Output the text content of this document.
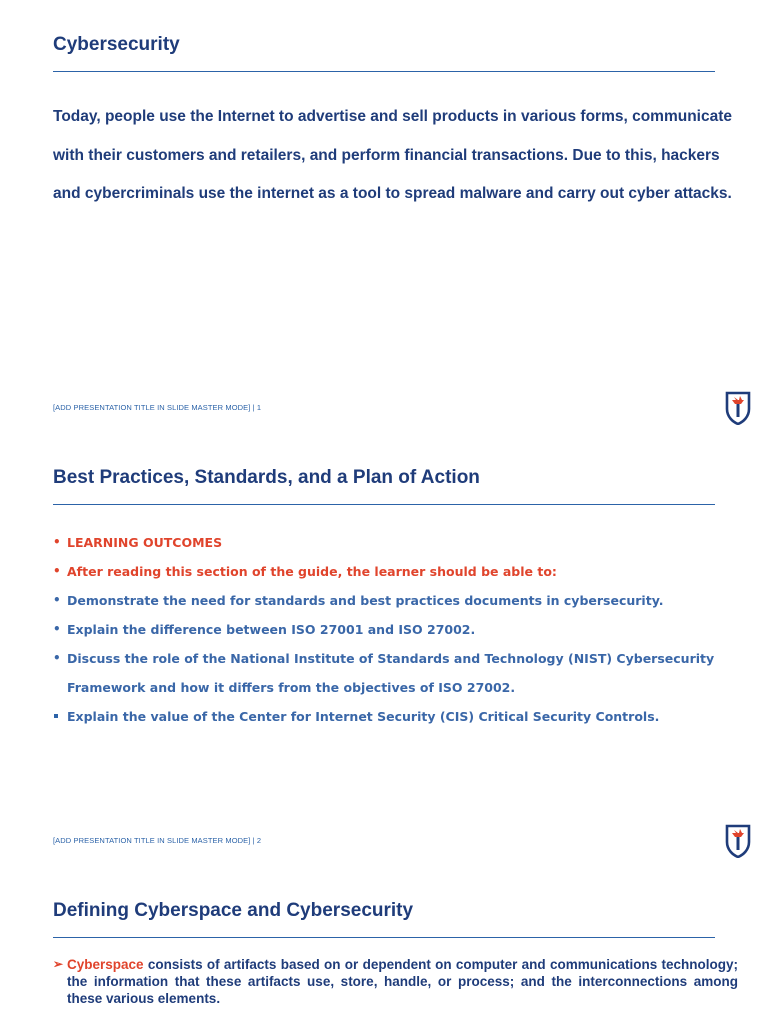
Cybersecurity

Today, people use the Internet to advertise and sell products in various forms, communicate with their customers and retailers, and perform financial transactions. Due to this, hackers and cybercriminals use the internet as a tool to spread malware and carry out cyber attacks.

[ADD PRESENTATION TITLE IN SLIDE MASTER MODE] | 1
Best Practices, Standards, and a Plan of Action
[ADD PRESENTATION TITLE IN SLIDE MASTER MODE] | 2
• LEARNING OUTCOMES
• After reading this section of the guide, the learner should be able to:
• Demonstrate the need for standards and best practices documents in cybersecurity.
• Explain the difference between ISO 27001 and ISO 27002.
• Discuss the role of the National Institute of Standards and Technology (NIST) Cybersecurity Framework and how it differs from the objectives of ISO 27002.
Explain the value of the Center for Internet Security (CIS) Critical Security Controls.
Defining Cyberspace and Cybersecurity

➢ Cyberspace consists of artifacts based on or dependent on computer and communications technology; the information that these artifacts use, store, handle, or process; and the interconnections among these various elements.
